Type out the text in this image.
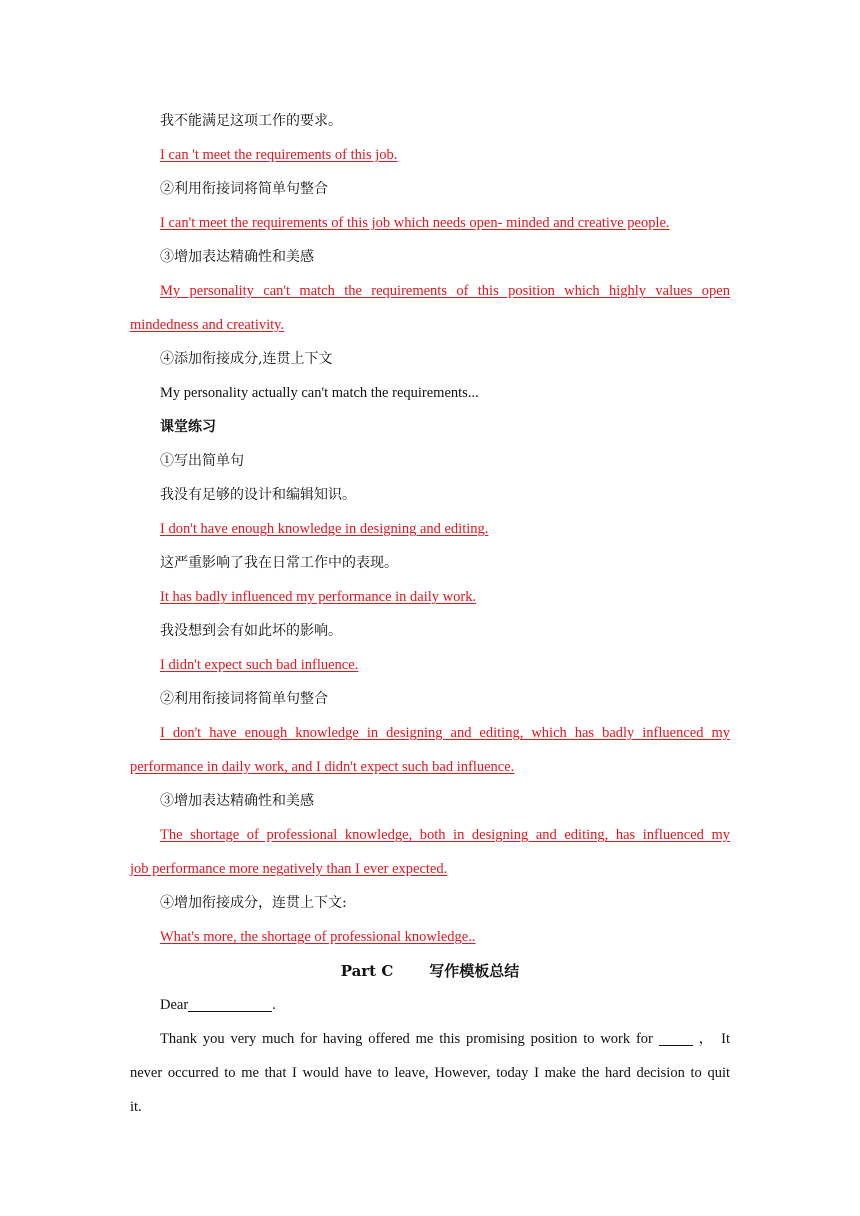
我不能满足这项工作的要求。
I can 't meet the requirements of this job.
②利用衔接词将简单句整合
I can't meet the requirements of this job which needs open- minded and creative people.
③增加表达精确性和美感
My personality can't match the requirements of this position which highly values open
mindedness and creativity.
④添加衔接成分,连贯上下文
My personality actually can't match the requirements...
课堂练习
①写出简单句
我没有足够的设计和编辑知识。
I don't have enough knowledge in designing and editing.
这严重影响了我在日常工作中的表现。
It has badly influenced my performance in daily work.
我没想到会有如此坏的影响。
I didn't expect such bad influence.
②利用衔接词将简单句整合
I don't have enough knowledge in designing and editing, which has badly influenced my
performance in daily work, and I didn't expect such bad influence.
③增加表达精确性和美感
The shortage of professional knowledge, both in designing and editing, has influenced my
job performance more negatively than I ever expected.
④增加衔接成分，连贯上下文:
What's more, the shortage of professional knowledge..
Part C 写作模板总结
Dear	.
Thank you very much for having offered me this promising position to work for	， It
never occurred to me that I would have to leave, However, today I make the hard decision to quit
it.
